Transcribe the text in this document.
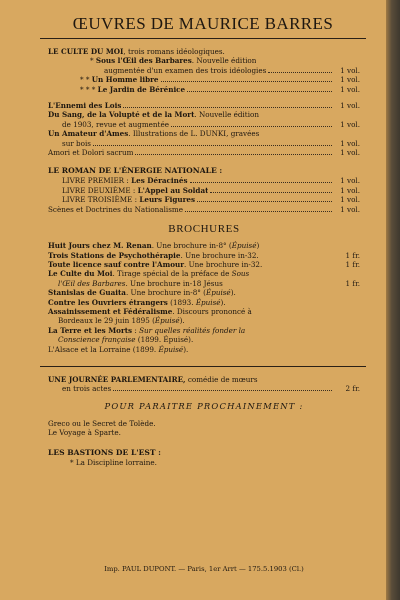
ŒUVRES DE MAURICE BARRES
LE CULTE DU MOI, trois romans idéologiques.
* Sous l'Œil des Barbares. Nouvelle édition
augmentée d'un examen des trois idéologies	1 vol.
* * Un Homme libre	1 vol.
* * * Le Jardin de Bérénice	1 vol.
L'Ennemi des Lois	1 vol.
Du Sang, de la Volupté et de la Mort. Nouvelle édition
de 1903, revue et augmentée	1 vol.
Un Amateur d'Ames. Illustrations de L. DUNKI, gravées
sur bois	1 vol.
Amori et Dolori sacrum	1 vol.
LE ROMAN DE L'ÉNERGIE NATIONALE :
LIVRE PREMIER : Les Déracinés	1 vol.
LIVRE DEUXIÈME : L'Appel au Soldat	1 vol.
LIVRE TROISIÈME : Leurs Figures	1 vol.
Scènes et Doctrines du Nationalisme	1 vol.
BROCHURES
Huit Jours chez M. Renan. Une brochure in-8° (Épuisé)
Trois Stations de Psychothérapie. Une brochure in-32.	1 fr.
Toute licence sauf contre l'Amour. Une brochure in-32.	1 fr.
Le Culte du Moi. Tirage spécial de la préface de Sous
l'Œil des Barbares. Une brochure in-18 Jésus	1 fr.
Stanislas de Guaita. Une brochure in-8° (Épuisé).
Contre les Ouvriers étrangers (1893. Épuisé).
Assainissement et Fédéralisme. Discours prononcé à
Bordeaux le 29 juin 1895 (Épuisé).
La Terre et les Morts : Sur quelles réalités fonder la
Conscience française (1899. Épuisé).
L'Alsace et la Lorraine (1899. Épuisé).
UNE JOURNÉE PARLEMENTAIRE, comédie de mœurs
en trois actes	2 fr.
POUR PARAITRE PROCHAINEMENT :
Greco ou le Secret de Tolède.
Le Voyage à Sparte.
LES BASTIONS DE L'EST :
* La Discipline lorraine.
Imp. PAUL DUPONT. — Paris, 1er Arrt — 175.5.1903 (Cl.)
